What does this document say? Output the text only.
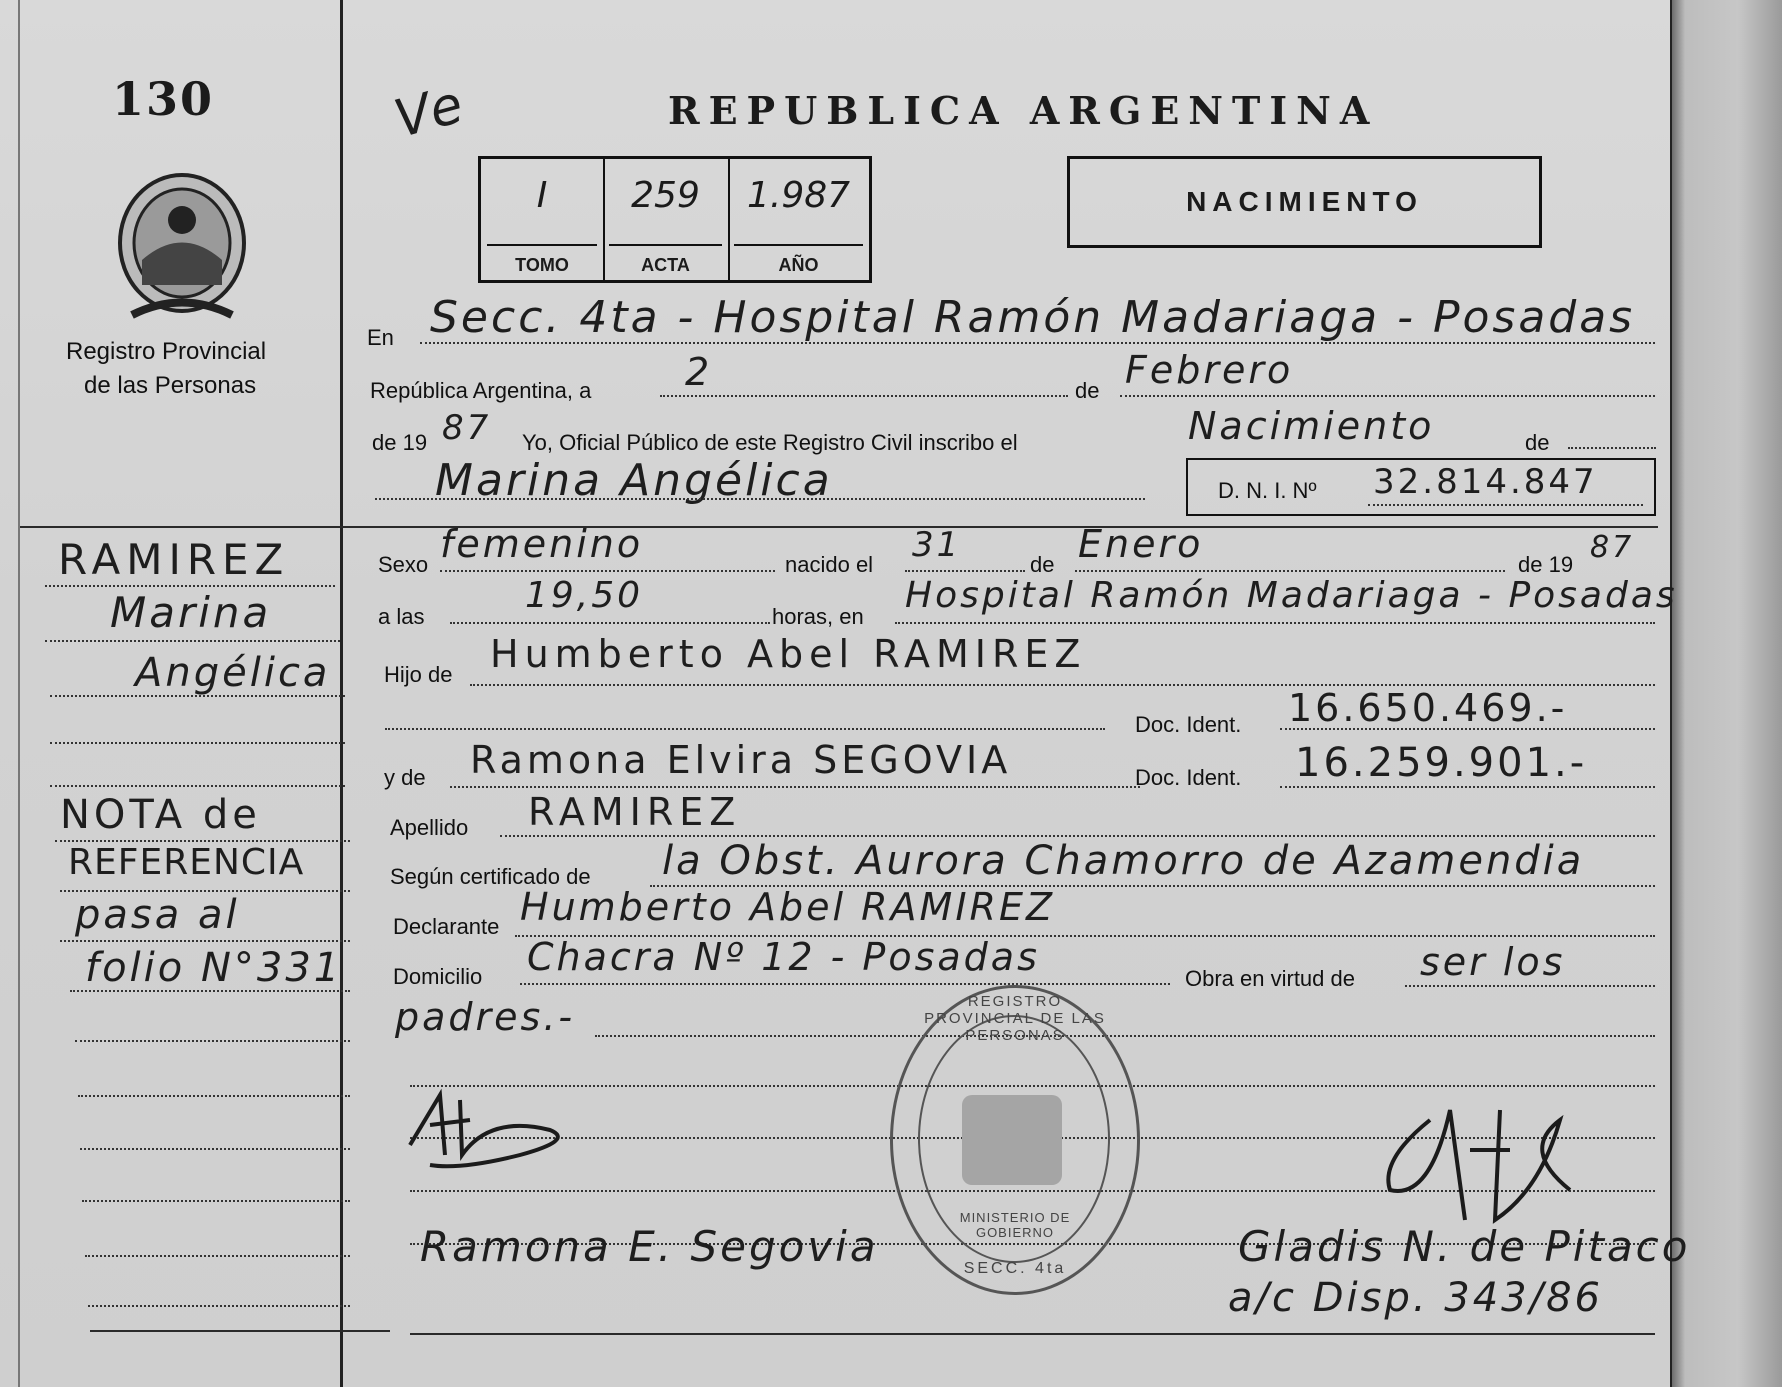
130
Registro Provincial
de las Personas
Ve	REPUBLICA ARGENTINA
I
TOMO
259
ACTA
1.987
AÑO
NACIMIENTO
En Secc. 4ta - Hospital Ramón Madariaga - Posadas
República Argentina, a 2	de Febrero
de 19 87 Yo, Oficial Público de este Registro Civil inscribo el	Nacimiento	de
Marina Angélica	D. N. I. Nº 32.814.847
Sexo femenino	nacido el 31	de Enero	de 19 87
a las
19,50
horas, en
Hospital Ramón Madariaga - Posadas
Hijo de Humberto Abel RAMIREZ
Doc. Ident. 16.650.469.-
y de Ramona Elvira SEGOVIA	Doc. Ident. 16.259.901.-
Apellido RAMIREZ
Según certificado de la Obst. Aurora Chamorro de Azamendia
Declarante Humberto Abel RAMIREZ
Domicilio Chacra Nº 12 - Posadas	Obra en virtud de ser los
padres.-
Ramona E. Segovia	Gladis N. de Pitaco
a/c Disp. 343/86
REGISTRO PROVINCIAL DE LAS PERSONAS
MINISTERIO DE GOBIERNO
SECC. 4ta
RAMIREZ
Marina
Angélica
NOTA de
REFERENCIA
pasa al
folio N°331
